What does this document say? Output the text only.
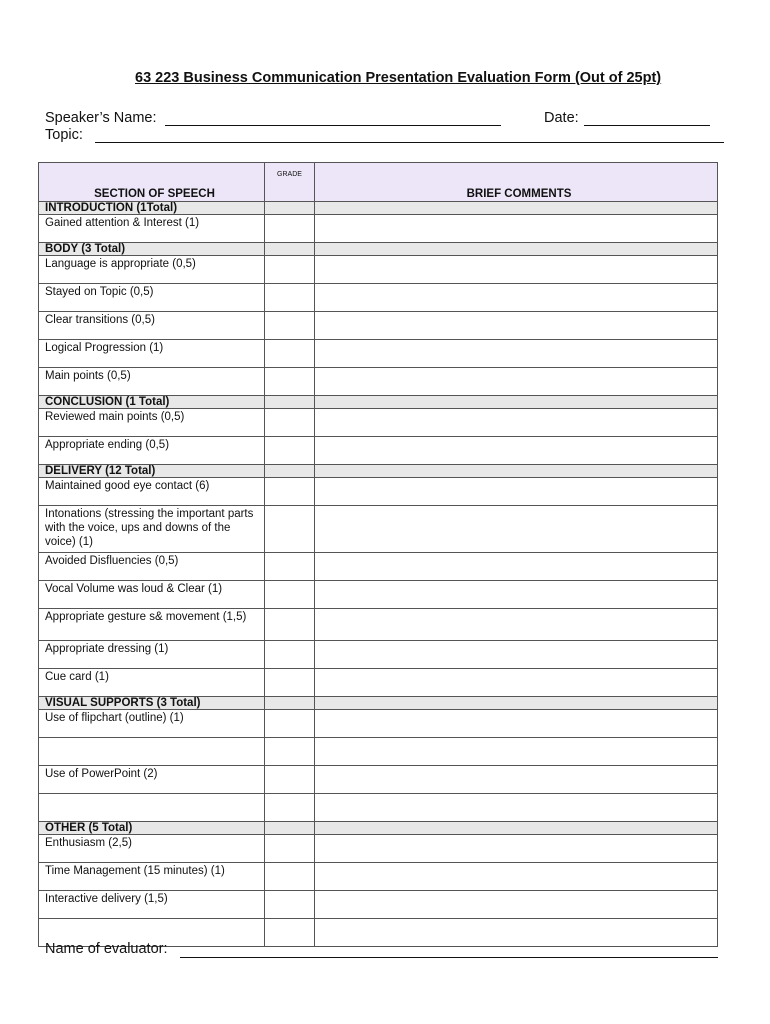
63 223 Business Communication Presentation Evaluation Form (Out of 25pt)
Speaker’s Name:	Date:
Topic:
SECTION OF SPEECH	GRADE	BRIEF COMMENTS
INTRODUCTION (1Total)		
Gained attention & Interest (1)		
BODY (3 Total)		
Language is appropriate (0,5)		
Stayed on Topic (0,5)		
Clear transitions (0,5)		
Logical Progression (1)		
Main points (0,5)		
CONCLUSION (1 Total)		
Reviewed main points (0,5)		
Appropriate ending (0,5)		
DELIVERY (12 Total)		
Maintained good eye contact (6)		
Intonations (stressing the important parts with the voice, ups and downs of the voice) (1)		
Avoided Disfluencies (0,5)		
Vocal Volume was loud & Clear (1)		
Appropriate gesture s& movement (1,5)		
Appropriate dressing (1)		
Cue card (1)		
VISUAL SUPPORTS (3 Total)		
Use of flipchart (outline) (1)		

Use of PowerPoint (2)		

OTHER (5 Total)		
Enthusiasm (2,5)		
Time Management (15 minutes) (1)		
Interactive delivery (1,5)		

Name of evaluator:
